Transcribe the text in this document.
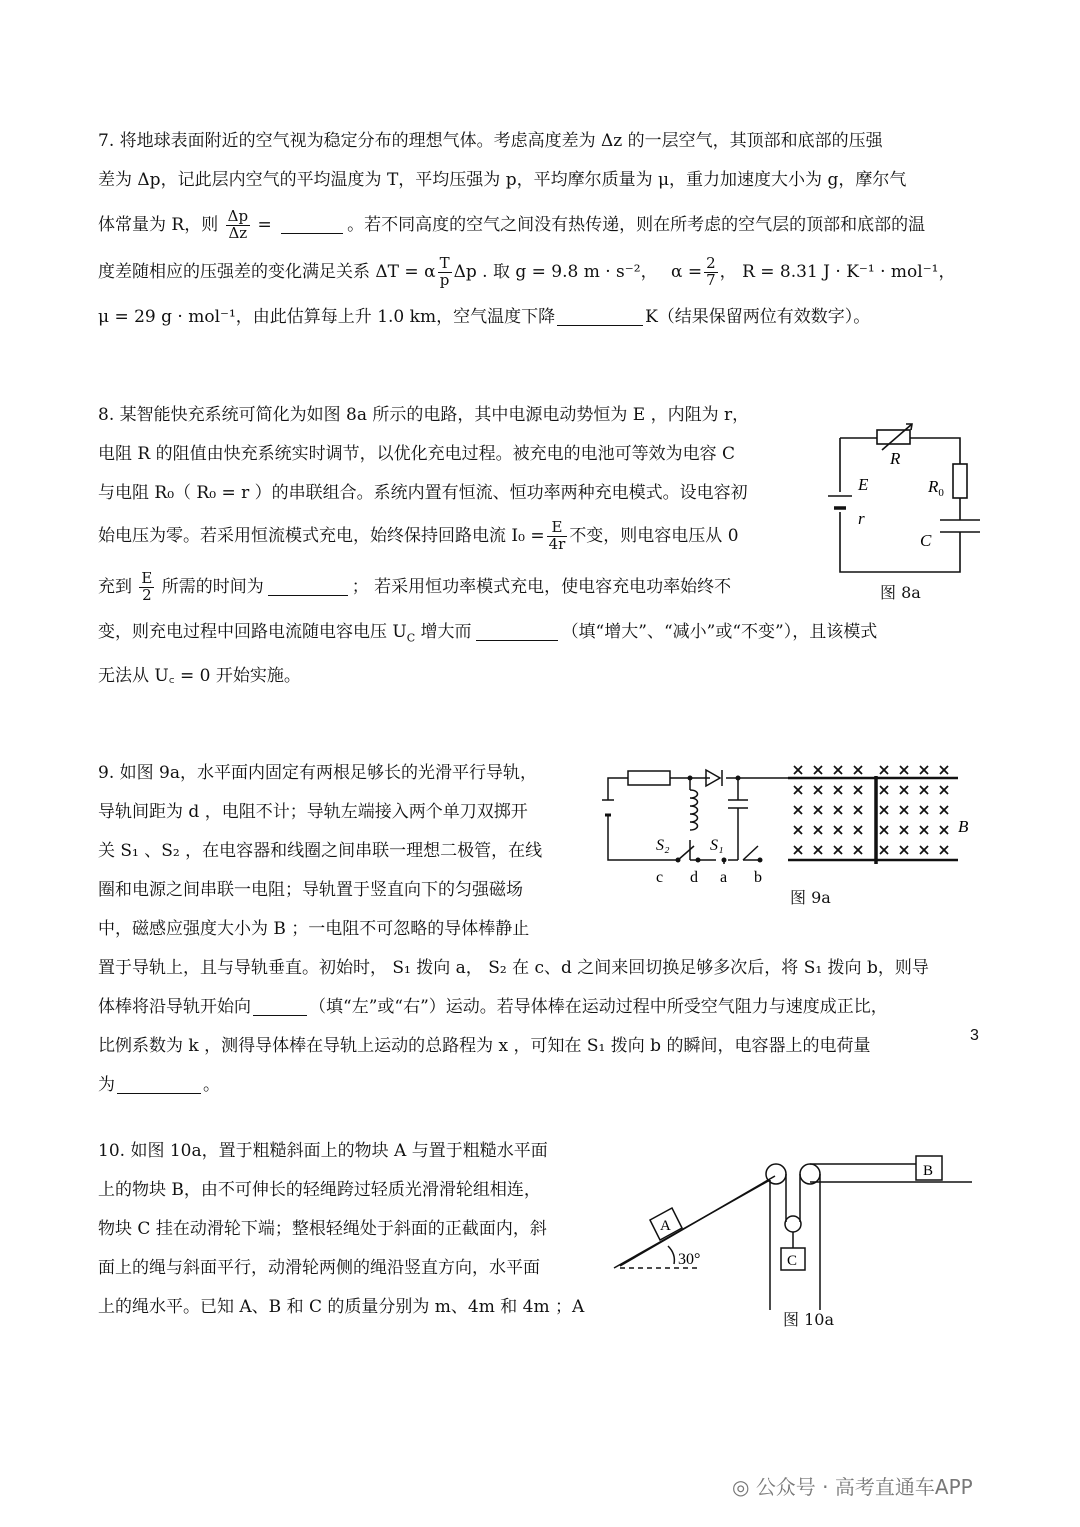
7. 将地球表面附近的空气视为稳定分布的理想气体。考虑高度差为 Δz 的一层空气，其顶部和底部的压强
差为 Δp，记此层内空气的平均温度为 T，平均压强为 p，平均摩尔质量为 μ，重力加速度大小为 g，摩尔气
体常量为 R，则 $\frac{\Delta p}{\Delta z}$ =	。若不同高度的空气之间没有热传递，则在所考虑的空气层的顶部和底部的温
度差随相应的压强差的变化满足关系 ΔT = α $\frac{T}{p}$ Δp . 取 g = 9.8 m · s⁻²， $\alpha = \frac{2}{7}$ ， R = 8.31 J · K⁻¹ · mol⁻¹，
μ = 29 g · mol⁻¹，由此估算每上升 1.0 km，空气温度下降	K（结果保留两位有效数字）。
8. 某智能快充系统可简化为如图 8a 所示的电路，其中电源电动势恒为 E ，内阻为 r，
电阻 R 的阻值由快充系统实时调节，以优化充电过程。被充电的电池可等效为电容 C
与电阻 R₀（ R₀ = r ）的串联组合。系统内置有恒流、恒功率两种充电模式。设电容初
始电压为零。若采用恒流模式充电，始终保持回路电流 $I_0 = \frac{E}{4r}$ 不变，则电容电压从 0
充到 $\frac{E}{2}$ 所需的时间为	； 若采用恒功率模式充电，使电容充电功率始终不
变，则充电过程中回路电流随电容电压 $U_C$ 增大而	（填“增大”、“减小”或“不变”），且该模式
无法从 U꜀ = 0 开始实施。
R
E
r
$R_0$
C
图 8a
9. 如图 9a，水平面内固定有两根足够长的光滑平行导轨，
导轨间距为 d ，电阻不计；导轨左端接入两个单刀双掷开
关 S₁ 、S₂ ，在电容器和线圈之间串联一理想二极管，在线
圈和电源之间串联一电阻；导轨置于竖直向下的匀强磁场
中，磁感应强度大小为 B ；一电阻不可忽略的导体棒静止
置于导轨上，且与导轨垂直。初始时， S₁ 拨向 a， S₂ 在 c、d 之间来回切换足够多次后，将 S₁ 拨向 b，则导
体棒将沿导轨开始向	（填“左”或“右”）运动。若导体棒在运动过程中所受空气阻力与速度成正比，
比例系数为 k ，测得导体棒在导轨上运动的总路程为 x ，可知在 S₁ 拨向 b 的瞬间，电容器上的电荷量
为	。
B
S₂	S₁
c d a b
图 9a
10. 如图 10a，置于粗糙斜面上的物块 A 与置于粗糙水平面
上的物块 B，由不可伸长的轻绳跨过轻质光滑滑轮组相连，
物块 C 挂在动滑轮下端；整根轻绳处于斜面的正截面内，斜
面上的绳与斜面平行，动滑轮两侧的绳沿竖直方向，水平面
上的绳水平。已知 A、B 和 C 的质量分别为 m、4m 和 4m ；A
A
B
C
30°
图 10a
3
◎ 公众号 · 高考直通车APP
